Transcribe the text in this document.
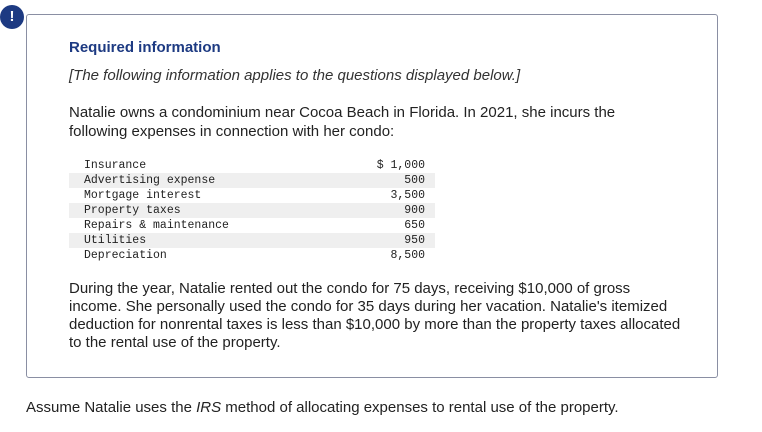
!
Required information

[The following information applies to the questions displayed below.]

Natalie owns a condominium near Cocoa Beach in Florida. In 2021, she incurs the following expenses in connection with her condo:

Insurance	$ 1,000
Advertising expense	500
Mortgage interest	3,500
Property taxes	900
Repairs & maintenance	650
Utilities	950
Depreciation	8,500

During the year, Natalie rented out the condo for 75 days, receiving $10,000 of gross income. She personally used the condo for 35 days during her vacation. Natalie's itemized deduction for nonrental taxes is less than $10,000 by more than the property taxes allocated to the rental use of the property.

Assume Natalie uses the IRS method of allocating expenses to rental use of the property.
